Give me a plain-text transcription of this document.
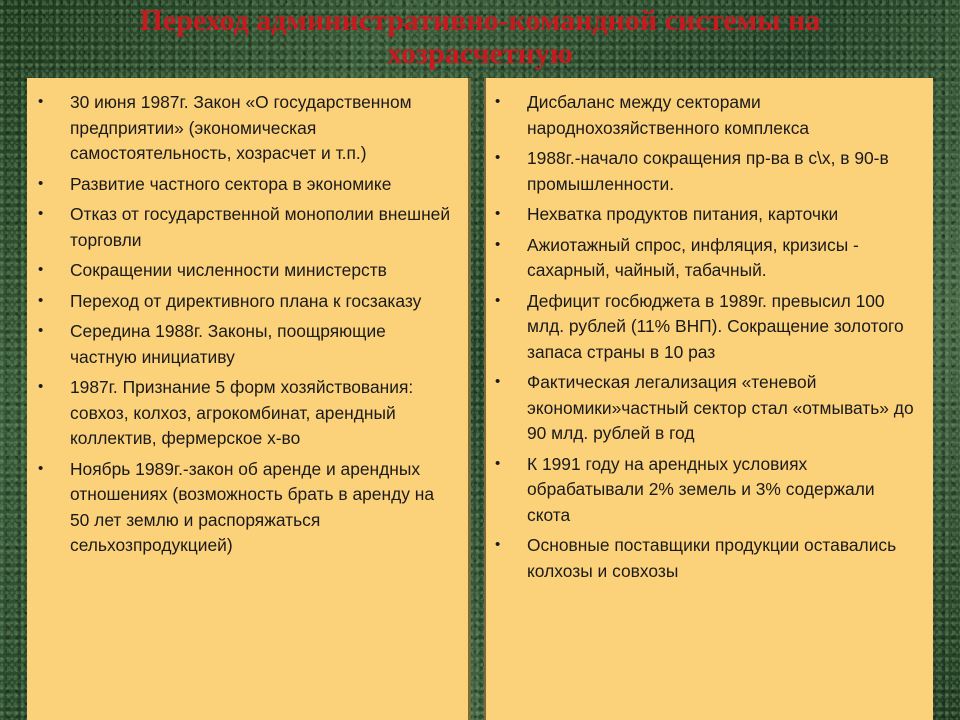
Переход административно-командной системы на
хозрасчетную
• 30 июня 1987г. Закон «О государственном предприятии» (экономическая самостоятельность, хозрасчет и т.п.)
• Развитие частного сектора в экономике
• Отказ от государственной монополии внешней торговли
• Сокращении численности министерств
• Переход от директивного плана к госзаказу
• Середина 1988г. Законы, поощряющие частную инициативу
• 1987г. Признание 5 форм хозяйствования: совхоз, колхоз, агрокомбинат, арендный коллектив, фермерское х-во
• Ноябрь 1989г.-закон об аренде и арендных отношениях (возможность брать в аренду на 50 лет землю и распоряжаться сельхозпродукцией)
• Дисбаланс между секторами народнохозяйственного комплекса
• 1988г.-начало сокращения пр-ва в с\х, в 90-в промышленности.
• Нехватка продуктов питания, карточки
• Ажиотажный спрос, инфляция, кризисы - сахарный, чайный, табачный.
• Дефицит госбюджета в 1989г. превысил 100 млд. рублей (11% ВНП). Сокращение золотого запаса страны в 10 раз
• Фактическая легализация «теневой экономики»частный сектор стал «отмывать» до 90 млд. рублей в год
• К 1991 году на арендных условиях обрабатывали 2% земель и 3% содержали скота
• Основные поставщики продукции оставались колхозы и совхозы
